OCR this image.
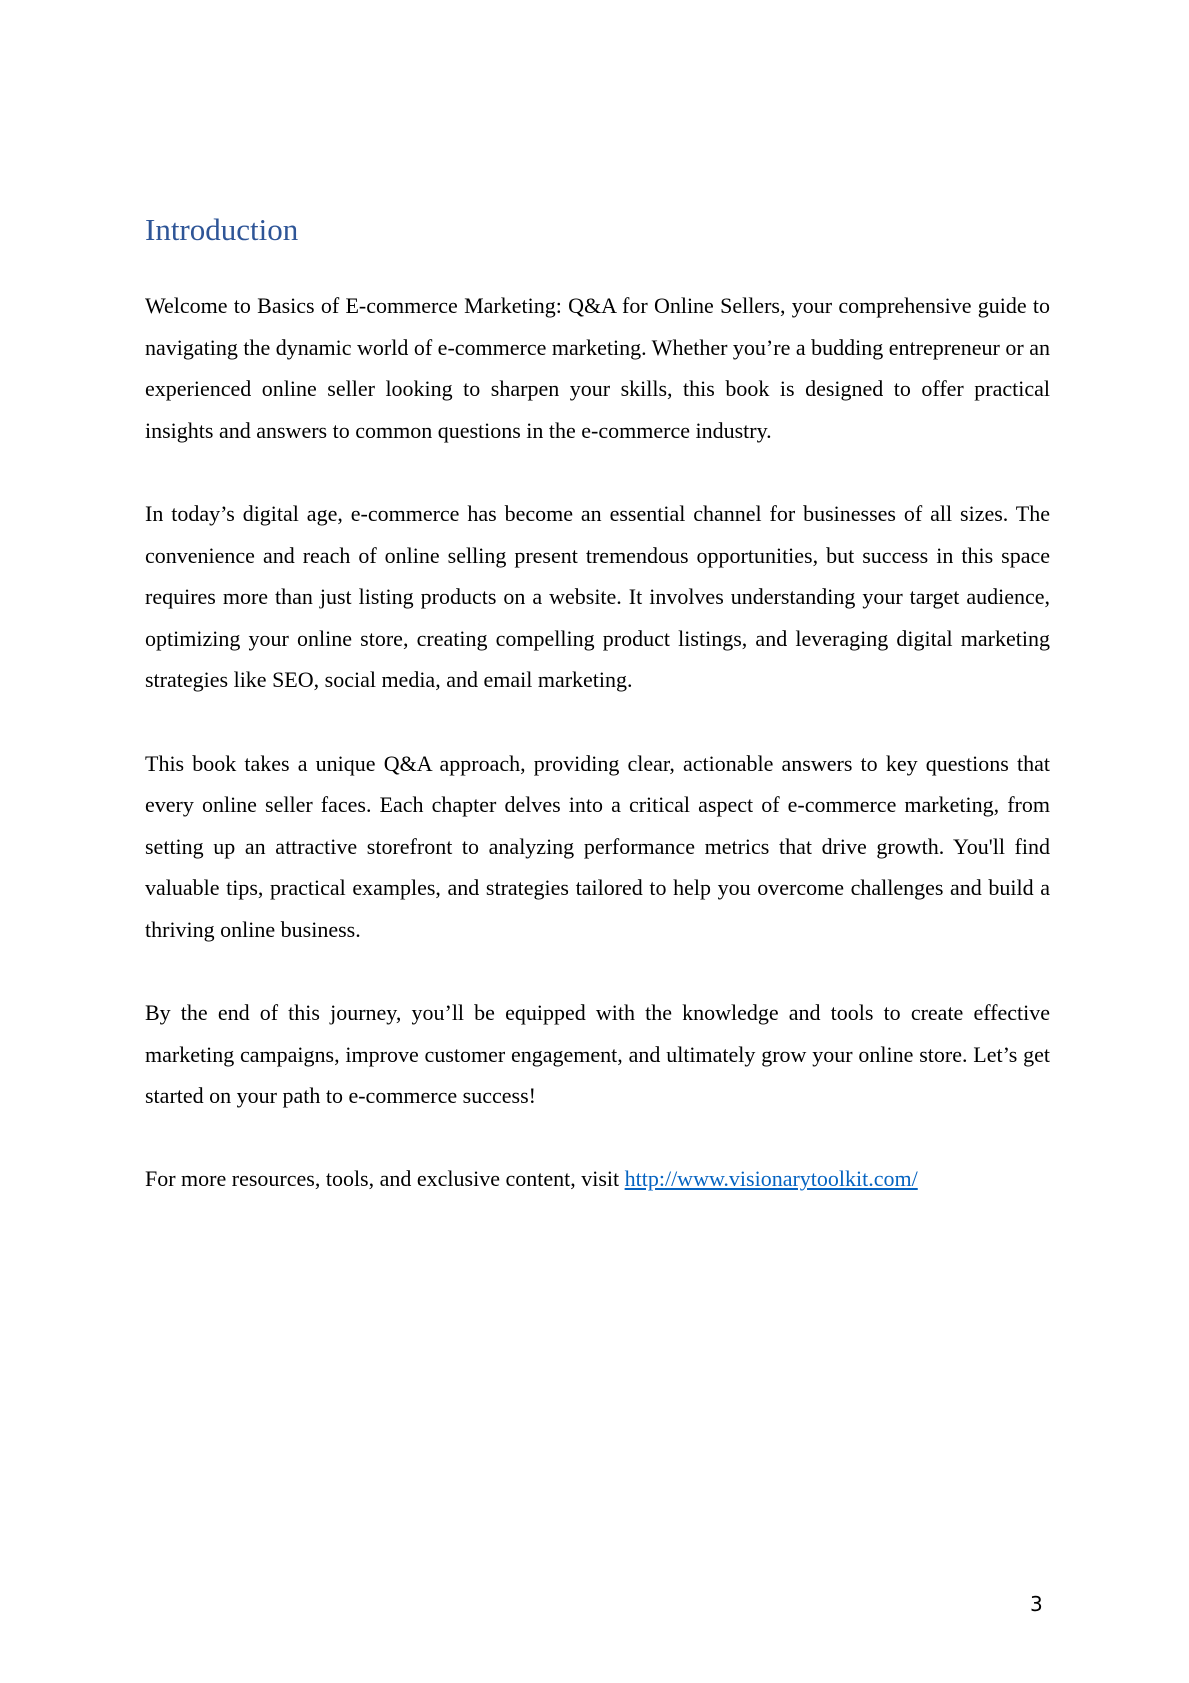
Introduction

Welcome to Basics of E-commerce Marketing: Q&A for Online Sellers, your comprehensive guide to navigating the dynamic world of e-commerce marketing. Whether you’re a budding entrepreneur or an experienced online seller looking to sharpen your skills, this book is designed to offer practical insights and answers to common questions in the e-commerce industry.

In today’s digital age, e-commerce has become an essential channel for businesses of all sizes. The convenience and reach of online selling present tremendous opportunities, but success in this space requires more than just listing products on a website. It involves understanding your target audience, optimizing your online store, creating compelling product listings, and leveraging digital marketing strategies like SEO, social media, and email marketing.

This book takes a unique Q&A approach, providing clear, actionable answers to key questions that every online seller faces. Each chapter delves into a critical aspect of e-commerce marketing, from setting up an attractive storefront to analyzing performance metrics that drive growth. You'll find valuable tips, practical examples, and strategies tailored to help you overcome challenges and build a thriving online business.

By the end of this journey, you’ll be equipped with the knowledge and tools to create effective marketing campaigns, improve customer engagement, and ultimately grow your online store. Let’s get started on your path to e-commerce success!

For more resources, tools, and exclusive content, visit http://www.visionarytoolkit.com/

3
